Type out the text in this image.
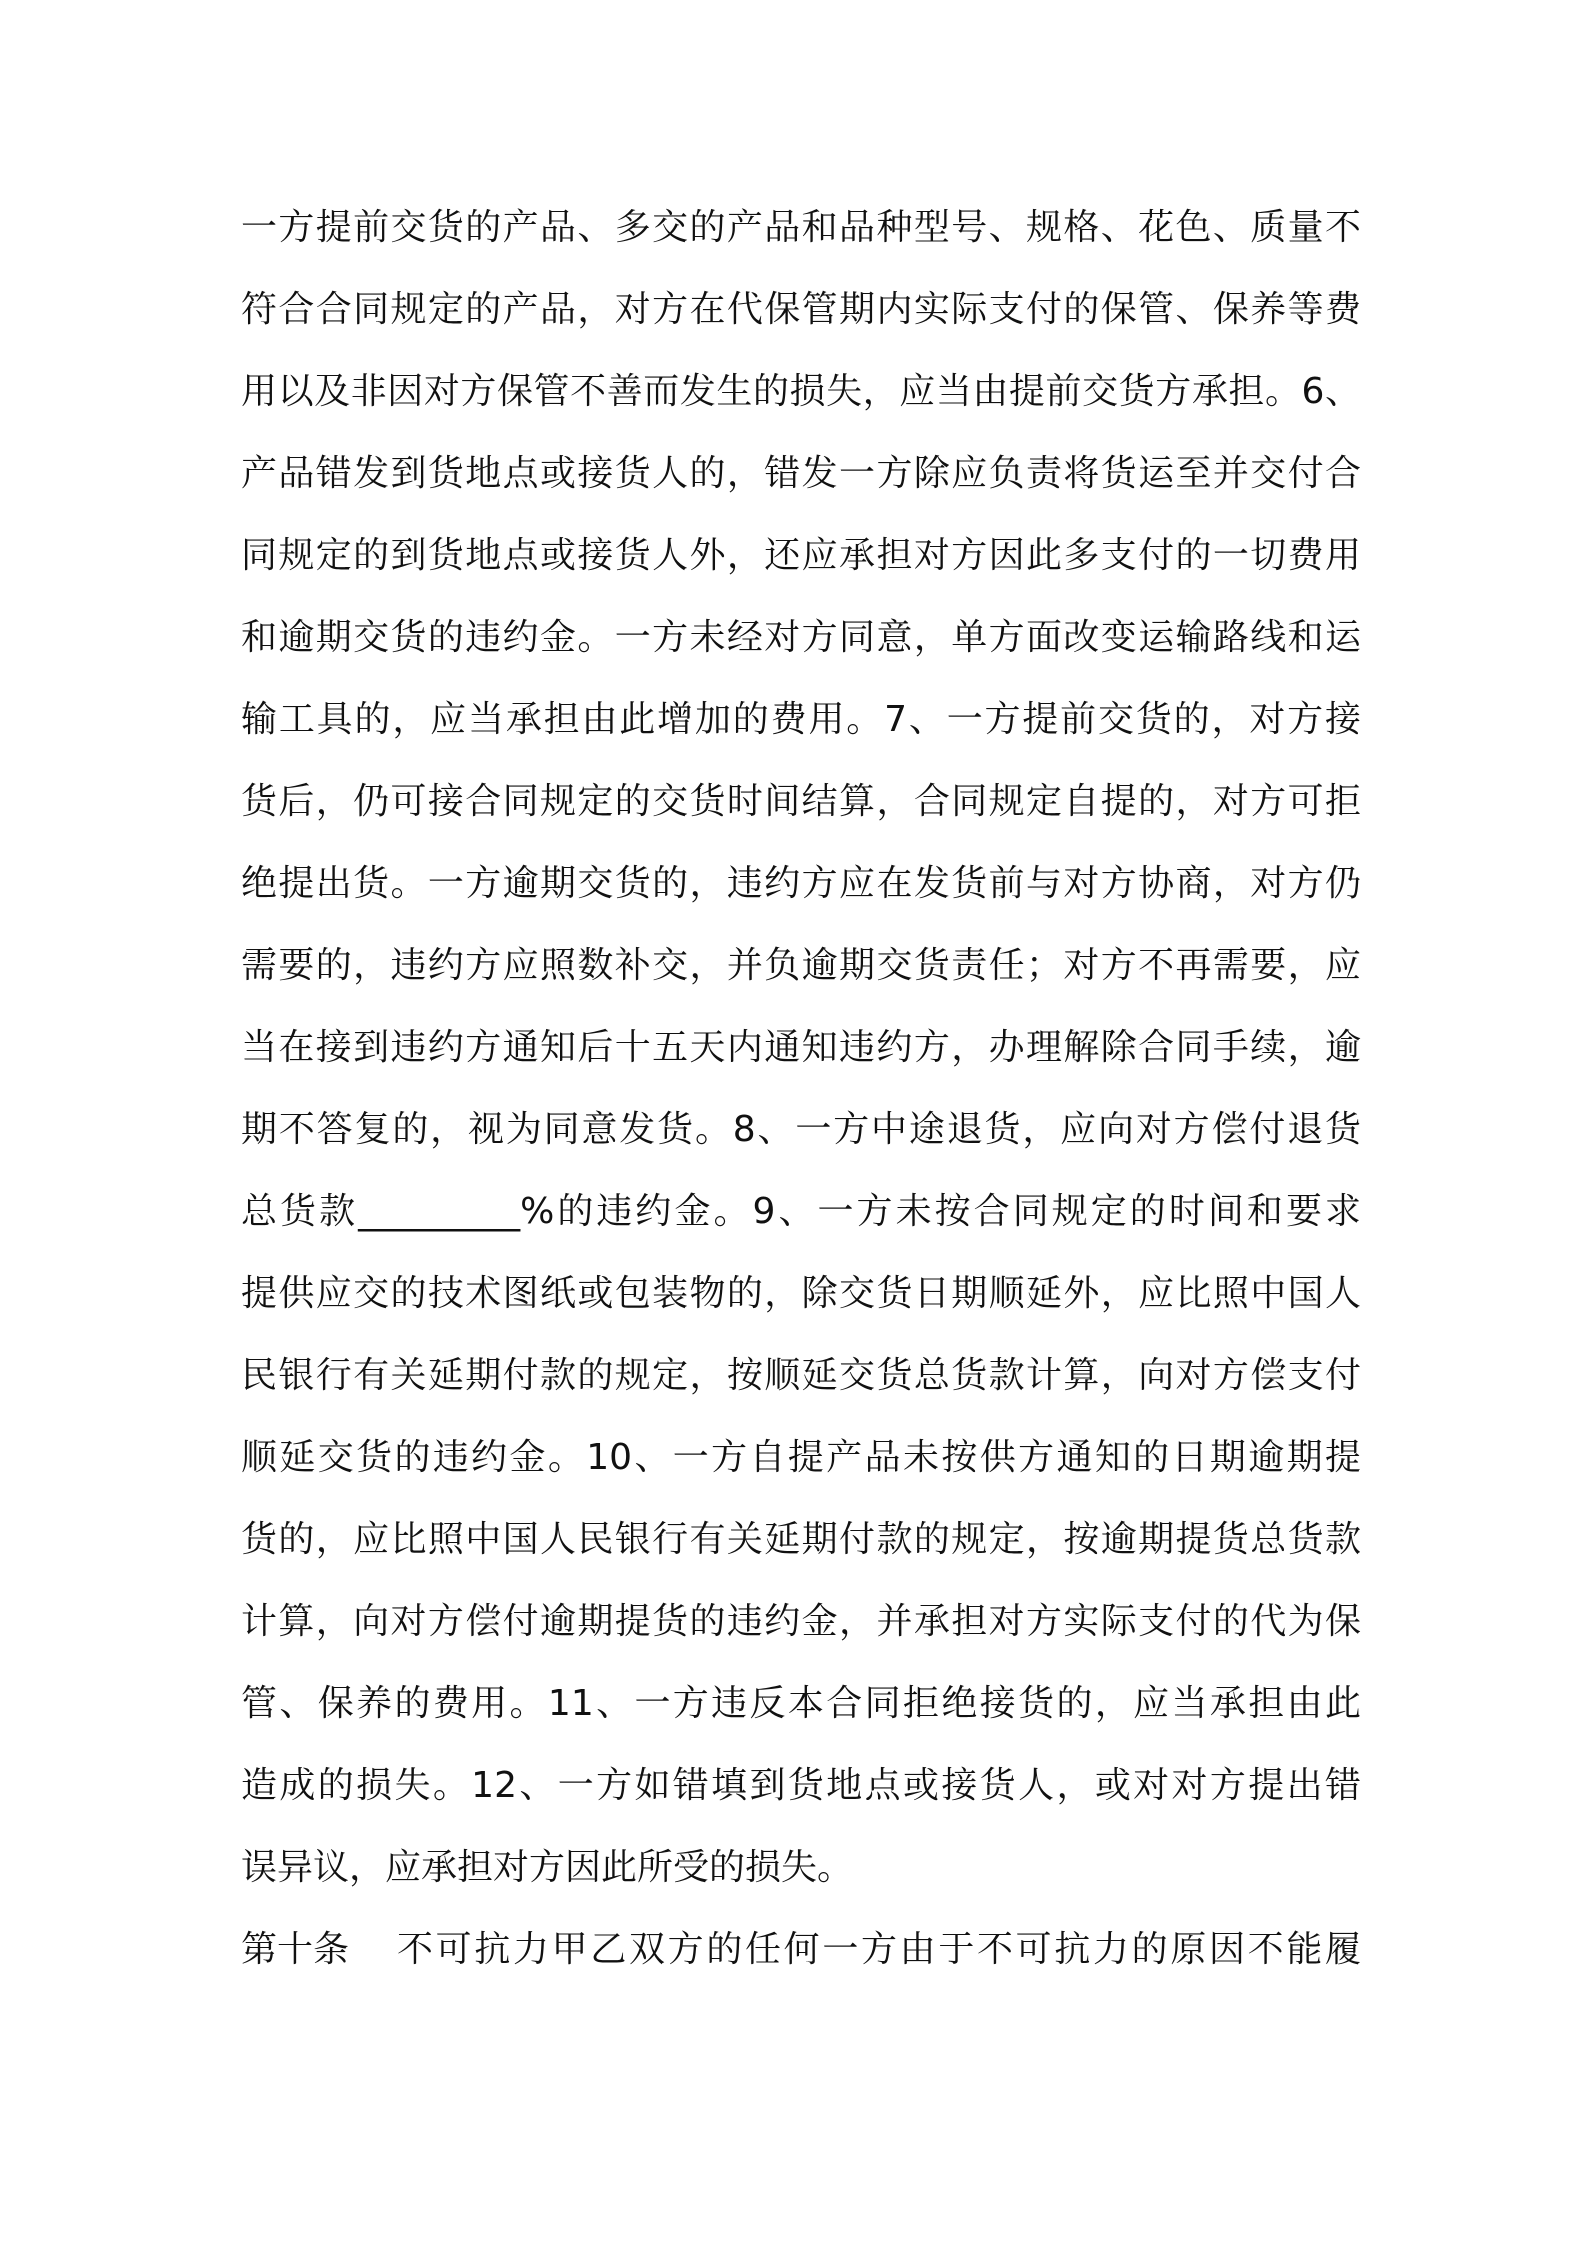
一方提前交货的产品、多交的产品和品种型号、规格、花色、质量不
符合合同规定的产品，对方在代保管期内实际支付的保管、保养等费
用以及非因对方保管不善而发生的损失，应当由提前交货方承担。6、
产品错发到货地点或接货人的，错发一方除应负责将货运至并交付合
同规定的到货地点或接货人外，还应承担对方因此多支付的一切费用
和逾期交货的违约金。一方未经对方同意，单方面改变运输路线和运
输工具的，应当承担由此增加的费用。7、一方提前交货的，对方接
货后，仍可接合同规定的交货时间结算，合同规定自提的，对方可拒
绝提出货。一方逾期交货的，违约方应在发货前与对方协商，对方仍
需要的，违约方应照数补交，并负逾期交货责任；对方不再需要，应
当在接到违约方通知后十五天内通知违约方，办理解除合同手续，逾
期不答复的，视为同意发货。8、一方中途退货，应向对方偿付退货
总货款_________%的违约金。9、一方未按合同规定的时间和要求
提供应交的技术图纸或包装物的，除交货日期顺延外，应比照中国人
民银行有关延期付款的规定，按顺延交货总货款计算，向对方偿支付
顺延交货的违约金。10、一方自提产品未按供方通知的日期逾期提
货的，应比照中国人民银行有关延期付款的规定，按逾期提货总货款
计算，向对方偿付逾期提货的违约金，并承担对方实际支付的代为保
管、保养的费用。11、一方违反本合同拒绝接货的，应当承担由此
造成的损失。12、一方如错填到货地点或接货人，或对对方提出错
误异议，应承担对方因此所受的损失。
第十条 不可抗力甲乙双方的任何一方由于不可抗力的原因不能履
